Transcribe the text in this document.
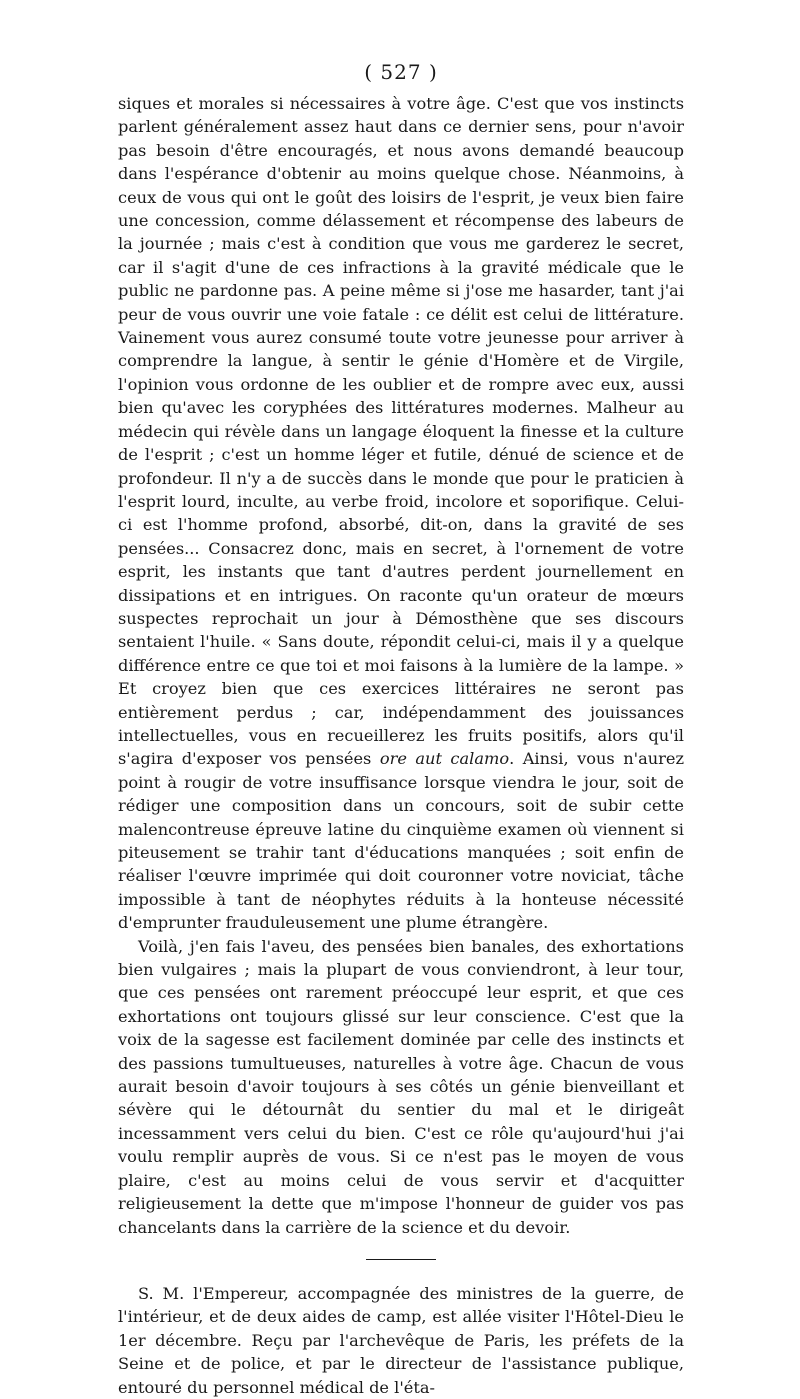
( 527 )

siques et morales si nécessaires à votre âge. C'est que vos instincts parlent généralement assez haut dans ce dernier sens, pour n'avoir pas besoin d'être encouragés, et nous avons demandé beaucoup dans l'espérance d'obtenir au moins quelque chose. Néanmoins, à ceux de vous qui ont le goût des loisirs de l'esprit, je veux bien faire une concession, comme délassement et récompense des labeurs de la journée ; mais c'est à condition que vous me garderez le secret, car il s'agit d'une de ces infractions à la gravité médicale que le public ne pardonne pas. A peine même si j'ose me hasarder, tant j'ai peur de vous ouvrir une voie fatale : ce délit est celui de littérature. Vainement vous aurez consumé toute votre jeunesse pour arriver à comprendre la langue, à sentir le génie d'Homère et de Virgile, l'opinion vous ordonne de les oublier et de rompre avec eux, aussi bien qu'avec les coryphées des littératures modernes. Malheur au médecin qui révèle dans un langage éloquent la finesse et la culture de l'esprit ; c'est un homme léger et futile, dénué de science et de profondeur. Il n'y a de succès dans le monde que pour le praticien à l'esprit lourd, inculte, au verbe froid, incolore et soporifique. Celui-ci est l'homme profond, absorbé, dit-on, dans la gravité de ses pensées... Consacrez donc, mais en secret, à l'ornement de votre esprit, les instants que tant d'autres perdent journellement en dissipations et en intrigues. On raconte qu'un orateur de mœurs suspectes reprochait un jour à Démosthène que ses discours sentaient l'huile. « Sans doute, répondit celui-ci, mais il y a quelque différence entre ce que toi et moi faisons à la lumière de la lampe. » Et croyez bien que ces exercices littéraires ne seront pas entièrement perdus ; car, indépendamment des jouissances intellectuelles, vous en recueillerez les fruits positifs, alors qu'il s'agira d'exposer vos pensées ore aut calamo. Ainsi, vous n'aurez point à rougir de votre insuffisance lorsque viendra le jour, soit de rédiger une composition dans un concours, soit de subir cette malencontreuse épreuve latine du cinquième examen où viennent si piteusement se trahir tant d'éducations manquées ; soit enfin de réaliser l'œuvre imprimée qui doit couronner votre noviciat, tâche impossible à tant de néophytes réduits à la honteuse nécessité d'emprunter frauduleusement une plume étrangère.

Voilà, j'en fais l'aveu, des pensées bien banales, des exhortations bien vulgaires ; mais la plupart de vous conviendront, à leur tour, que ces pensées ont rarement préoccupé leur esprit, et que ces exhortations ont toujours glissé sur leur conscience. C'est que la voix de la sagesse est facilement dominée par celle des instincts et des passions tumultueuses, naturelles à votre âge. Chacun de vous aurait besoin d'avoir toujours à ses côtés un génie bienveillant et sévère qui le détournât du sentier du mal et le dirigeât incessamment vers celui du bien. C'est ce rôle qu'aujourd'hui j'ai voulu remplir auprès de vous. Si ce n'est pas le moyen de vous plaire, c'est au moins celui de vous servir et d'acquitter religieusement la dette que m'impose l'honneur de guider vos pas chancelants dans la carrière de la science et du devoir.

S. M. l'Empereur, accompagnée des ministres de la guerre, de l'intérieur, et de deux aides de camp, est allée visiter l'Hôtel-Dieu le 1er décembre. Reçu par l'archevêque de Paris, les préfets de la Seine et de police, et par le directeur de l'assistance publique, entouré du personnel médical de l'éta-
